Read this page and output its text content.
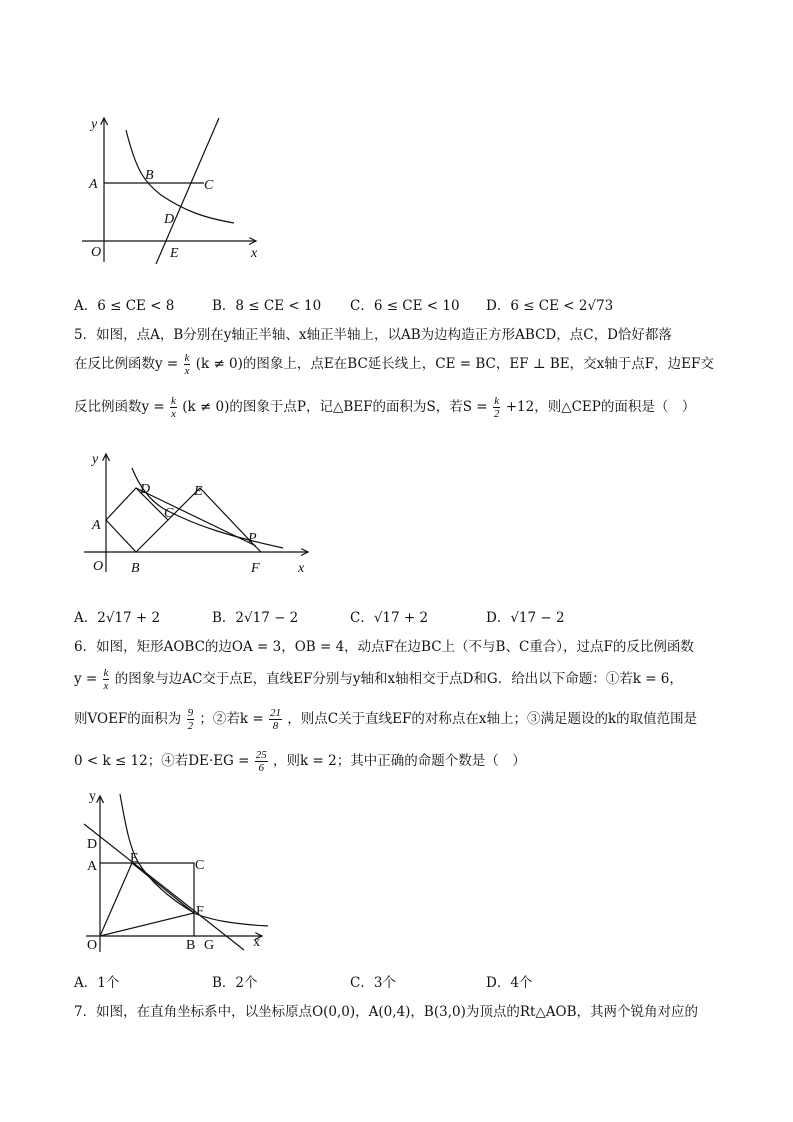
y
x
O
A
B
C
D
E
A．6 ≤ CE < 8	B．8 ≤ CE < 10 C．6 ≤ CE < 10 D．6 ≤ CE < 2√73
5．如图，点A，B分别在y轴正半轴、x轴正半轴上，以AB为边构造正方形ABCD，点C，D恰好都落
在反比例函数$y = \frac{k}{x} (k \ne 0)$的图象上，点E在BC延长线上，CE = BC，EF ⊥ BE，交x轴于点F，边EF交
反比例函数$y = \frac{k}{x} (k \ne 0)$的图象于点P，记△BEF的面积为S，若$S = \frac{k}{2} +12$，则△CEP的面积是（　）
y
x
O
A
B
C
D	E
P
F
A．2√17 + 2	B．2√17 − 2	C．√17 + 2	D．√17 − 2
6．如图，矩形AOBC的边OA = 3，OB = 4，动点F在边BC上（不与B、C重合），过点F的反比例函数
$y = \frac{k}{x}$ 的图象与边AC交于点E，直线EF分别与y轴和x轴相交于点D和G．给出以下命题：①若k = 6，
则VOEF的面积为 $\frac{9}{2}$ ；②若$k = \frac{21}{8}$ ，则点C关于直线EF的对称点在x轴上；③满足题设的k的取值范围是
0 < k ≤ 12；④若$DE\cdot EG = \frac{25}{6}$ ，则k = 2；其中正确的命题个数是（　）
y
x
O
D
A
E	C
F
B G
A．1个	B．2个	C．3个	D．4个
7．如图，在直角坐标系中，以坐标原点O(0,0)，A(0,4)，B(3,0)为顶点的Rt△AOB，其两个锐角对应的
